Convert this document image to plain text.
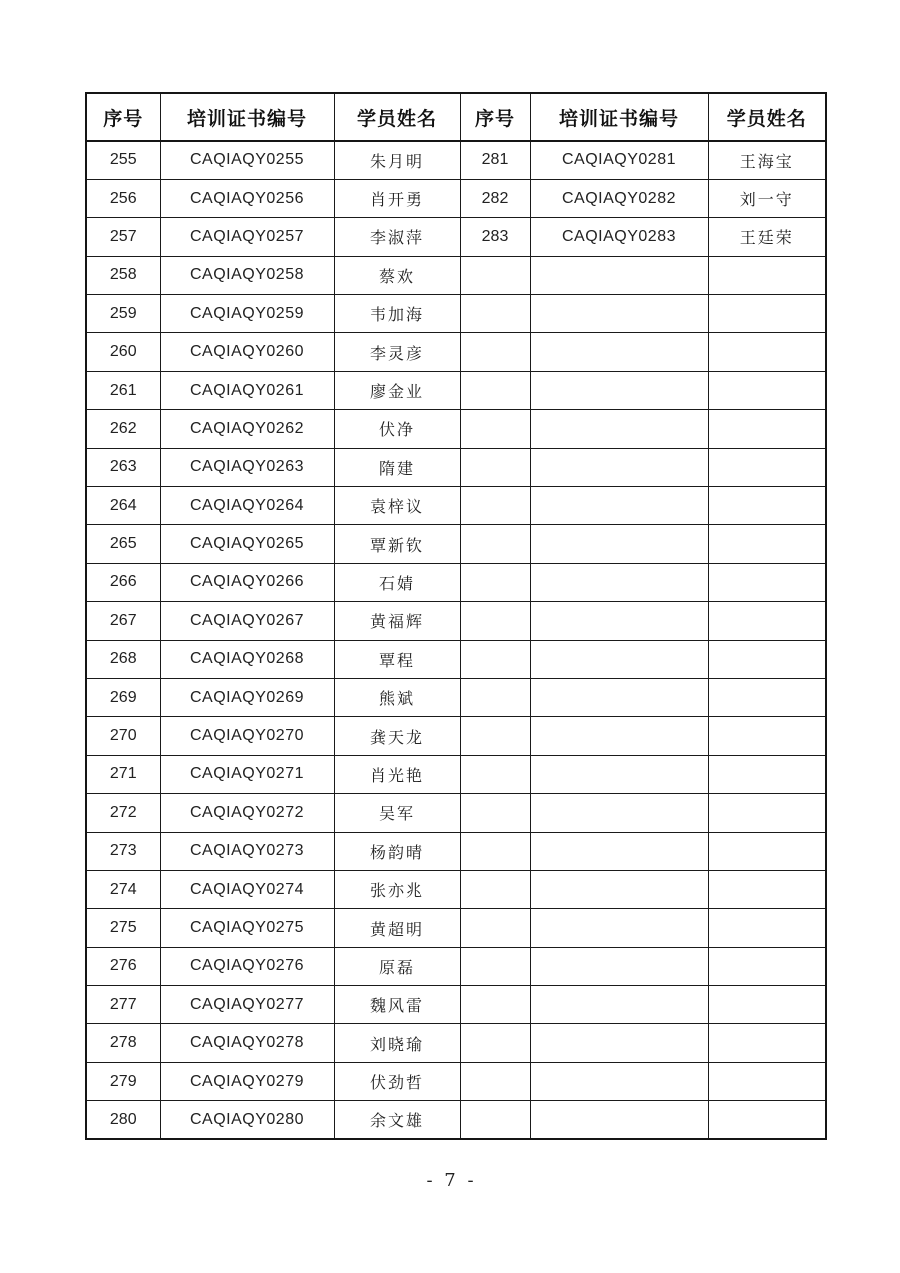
序号	培训证书编号	学员姓名	序号	培训证书编号	学员姓名
255	CAQIAQY0255	朱月明	281	CAQIAQY0281	王海宝
256	CAQIAQY0256	肖开勇	282	CAQIAQY0282	刘一守
257	CAQIAQY0257	李淑萍	283	CAQIAQY0283	王廷荣
258	CAQIAQY0258	蔡欢			
259	CAQIAQY0259	韦加海			
260	CAQIAQY0260	李灵彦			
261	CAQIAQY0261	廖金业			
262	CAQIAQY0262	伏净			
263	CAQIAQY0263	隋建			
264	CAQIAQY0264	袁梓议			
265	CAQIAQY0265	覃新钦			
266	CAQIAQY0266	石婧			
267	CAQIAQY0267	黄福辉			
268	CAQIAQY0268	覃程			
269	CAQIAQY0269	熊斌			
270	CAQIAQY0270	龚天龙			
271	CAQIAQY0271	肖光艳			
272	CAQIAQY0272	吴军			
273	CAQIAQY0273	杨韵晴			
274	CAQIAQY0274	张亦兆			
275	CAQIAQY0275	黄超明			
276	CAQIAQY0276	原磊			
277	CAQIAQY0277	魏风雷			
278	CAQIAQY0278	刘晓瑜			
279	CAQIAQY0279	伏劲哲			
280	CAQIAQY0280	余文雄			
- 7 -
